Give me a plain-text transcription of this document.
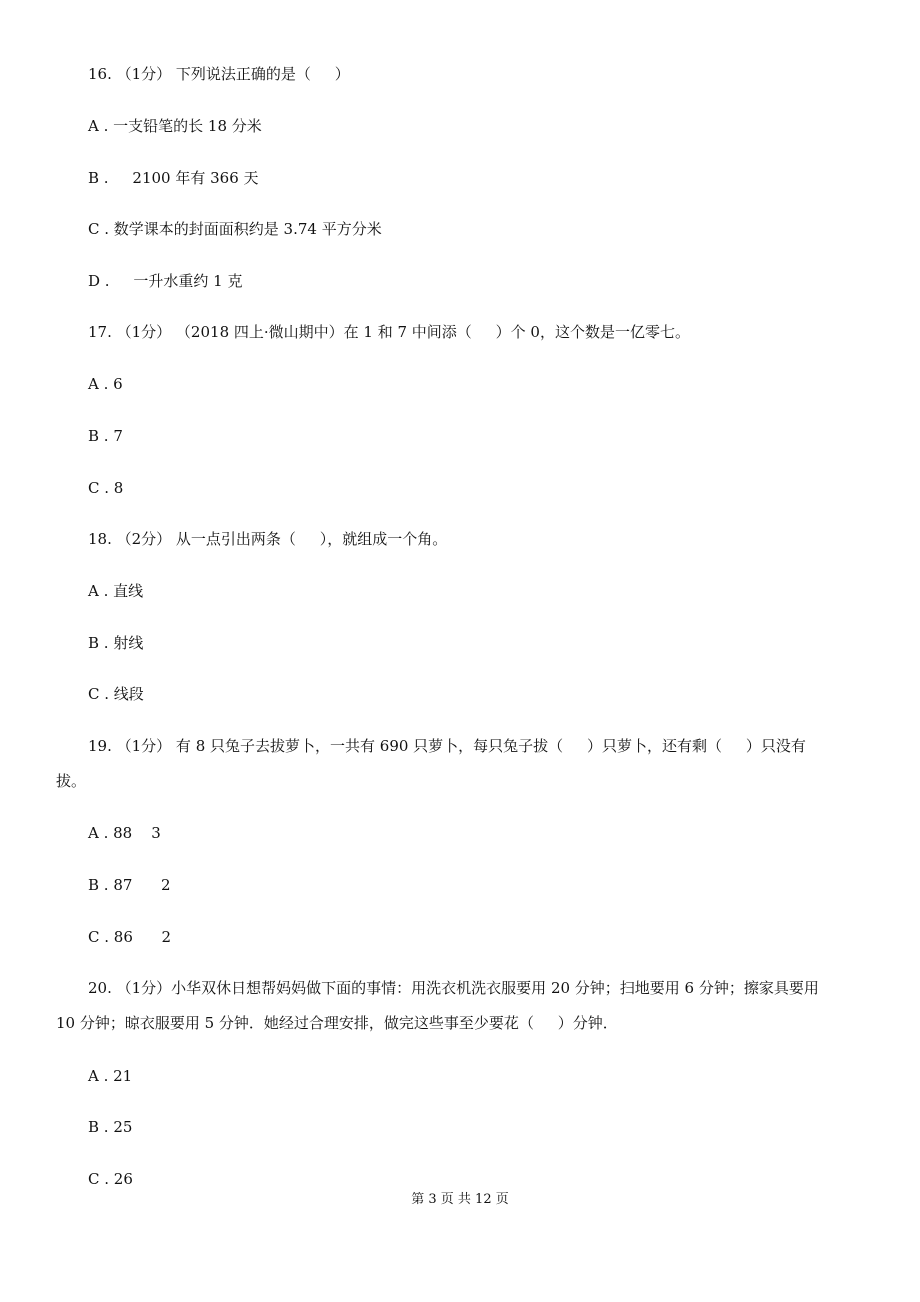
16. （1分） 下列说法正确的是（     ）
A . 一支铅笔的长 18 分米
B .     2100 年有 366 天
C . 数学课本的封面面积约是 3.74 平方分米
D .     一升水重约 1 克
17. （1分） （2018 四上·微山期中）在 1 和 7 中间添（     ）个 0，这个数是一亿零七。
A . 6
B . 7
C . 8
18. （2分） 从一点引出两条（     ），就组成一个角。
A . 直线
B . 射线
C . 线段
19. （1分） 有 8 只兔子去拔萝卜，一共有 690 只萝卜，每只兔子拔（     ）只萝卜，还有剩（     ）只没有
拔。
A . 88    3
B . 87      2
C . 86      2
20. （1分）小华双休日想帮妈妈做下面的事情：用洗衣机洗衣服要用 20 分钟；扫地要用 6 分钟；擦家具要用
10 分钟；晾衣服要用 5 分钟．她经过合理安排，做完这些事至少要花（     ）分钟．
A . 21
B . 25
C . 26
第 3 页 共 12 页
